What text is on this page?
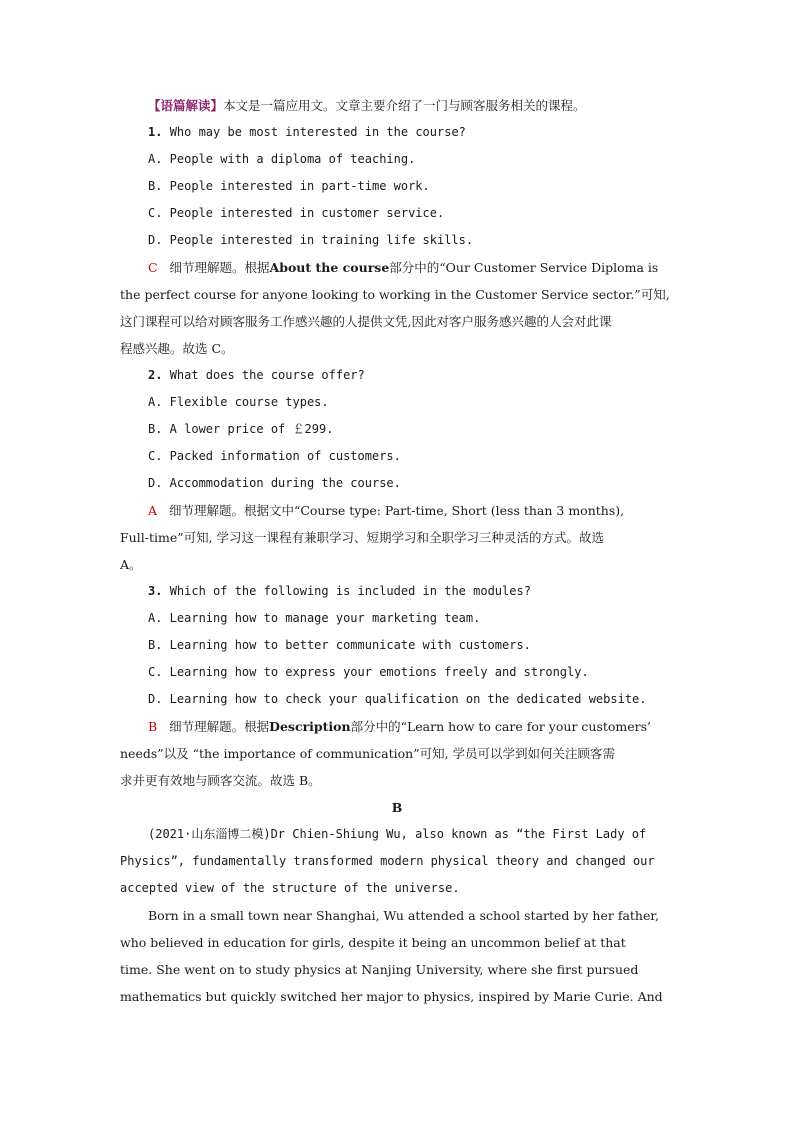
【语篇解读】本文是一篇应用文。文章主要介绍了一门与顾客服务相关的课程。
1. Who may be most interested in the course?
A. People with a diploma of teaching.
B. People interested in part-time work.
C. People interested in customer service.
D. People interested in training life skills.
C 细节理解题。根据About the course部分中的“Our Customer Service Diploma is
the perfect course for anyone looking to working in the Customer Service sector.”可知,
这门课程可以给对顾客服务工作感兴趣的人提供文凭,因此对客户服务感兴趣的人会对此课
程感兴趣。故选 C。
2. What does the course offer?
A. Flexible course types.
B. A lower price of ￡299.
C. Packed information of customers.
D. Accommodation during the course.
A 细节理解题。根据文中“Course type: Part-time, Short (less than 3 months),
Full-time”可知, 学习这一课程有兼职学习、短期学习和全职学习三种灵活的方式。故选
A。
3. Which of the following is included in the modules?
A. Learning how to manage your marketing team.
B. Learning how to better communicate with customers.
C. Learning how to express your emotions freely and strongly.
D. Learning how to check your qualification on the dedicated website.
B 细节理解题。根据Description部分中的“Learn how to care for your customers’
needs”以及 “the importance of communication”可知, 学员可以学到如何关注顾客需
求并更有效地与顾客交流。故选 B。
B
(2021·山东淄博二模)Dr Chien-Shiung Wu, also known as “the First Lady of
Physics”, fundamentally transformed modern physical theory and changed our
accepted view of the structure of the universe.
Born in a small town near Shanghai, Wu attended a school started by her father,
who believed in education for girls, despite it being an uncommon belief at that
time. She went on to study physics at Nanjing University, where she first pursued
mathematics but quickly switched her major to physics, inspired by Marie Curie. And
